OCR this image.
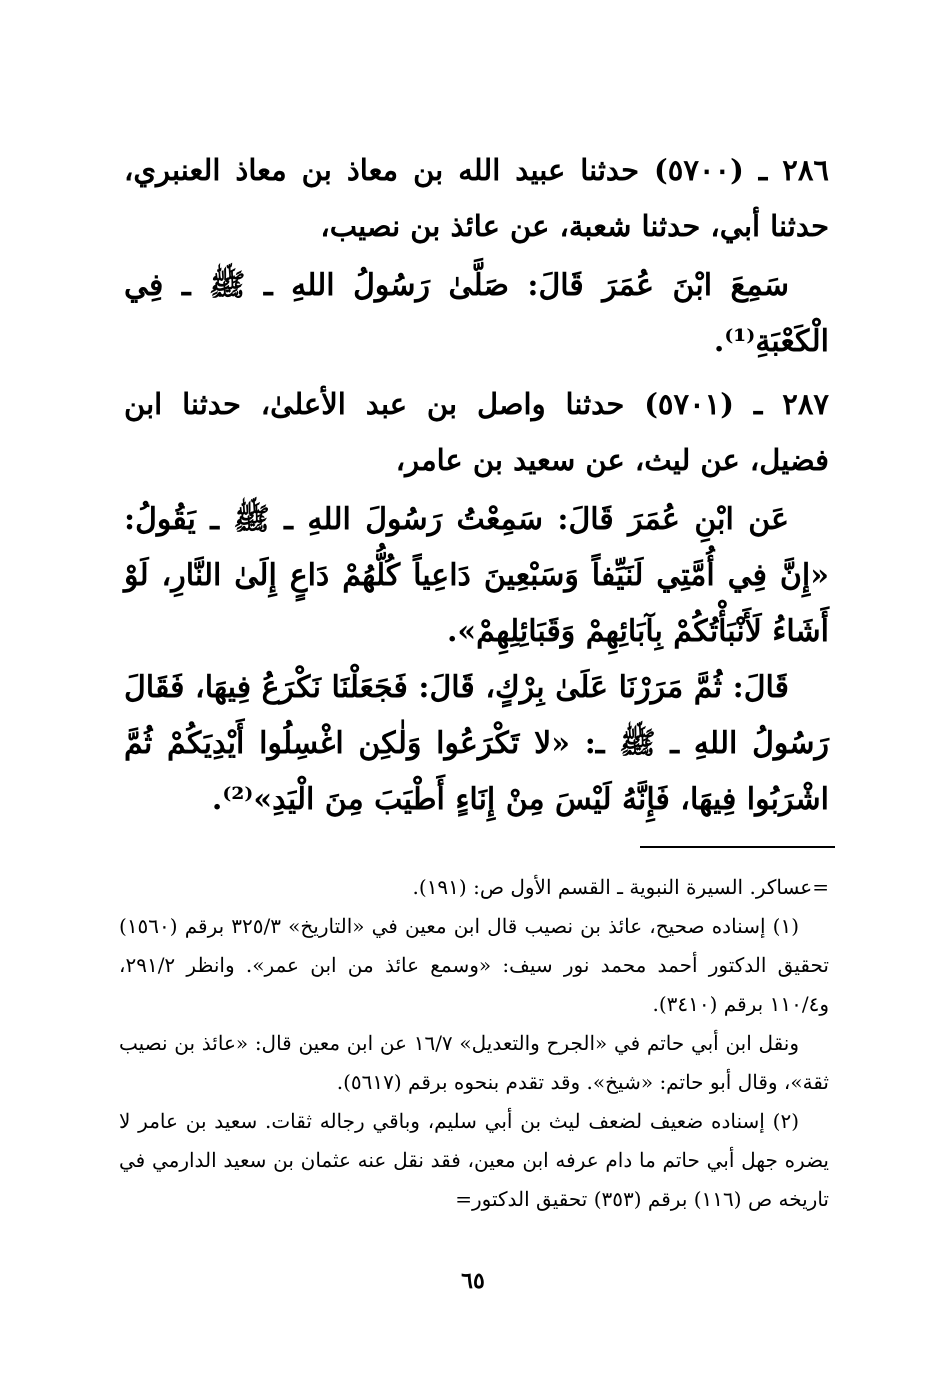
٢٨٦ ـ (٥٧٠٠) حدثنا عبيد الله بن معاذ بن معاذ العنبري، حدثنا أبي، حدثنا شعبة، عن عائذ بن نصيب،

سَمِعَ ابْنَ عُمَرَ قَالَ: صَلَّىٰ رَسُولُ اللهِ ـ ﷺ ـ فِي الْكَعْبَةِ⁽¹⁾.

٢٨٧ ـ (٥٧٠١) حدثنا واصل بن عبد الأعلىٰ، حدثنا ابن فضيل، عن ليث، عن سعيد بن عامر،

عَن ابْنِ عُمَرَ قَالَ: سَمِعْتُ رَسُولَ اللهِ ـ ﷺ ـ يَقُولُ: «إِنَّ فِي أُمَّتِي لَنَيِّفاً وَسَبْعِينَ دَاعِياً كُلُّهُمْ دَاعٍ إِلَىٰ النَّارِ، لَوْ أَشَاءُ لَأَنْبَأْتُكُمْ بِآبَائِهِمْ وَقَبَائِلِهِمْ».

قَالَ: ثُمَّ مَرَرْنَا عَلَىٰ بِرْكٍ، قَالَ: فَجَعَلْنَا نَكْرَعُ فِيهَا، فَقَالَ رَسُولُ اللهِ ـ ﷺ ـ: «لا تَكْرَعُوا وَلٰكِن اغْسِلُوا أَيْدِيَكُمْ ثُمَّ اشْرَبُوا فِيهَا، فَإِنَّهُ لَيْسَ مِنْ إِنَاءٍ أَطْيَبَ مِنَ الْيَدِ»⁽²⁾.

=عساكر. السيرة النبوية ـ القسم الأول ص: (١٩١).

(١) إسناده صحيح، عائذ بن نصيب قال ابن معين في «التاريخ» ٣٢٥/٣ برقم (١٥٦٠) تحقيق الدكتور أحمد محمد نور سيف: «وسمع عائذ من ابن عمر». وانظر ٢٩١/٢، و١١٠/٤ برقم (٣٤١٠).

ونقل ابن أبي حاتم في «الجرح والتعديل» ١٦/٧ عن ابن معين قال: «عائذ بن نصيب ثقة»، وقال أبو حاتم: «شيخ». وقد تقدم بنحوه برقم (٥٦١٧).

(٢) إسناده ضعيف لضعف ليث بن أبي سليم، وباقي رجاله ثقات. سعيد بن عامر لا يضره جهل أبي حاتم ما دام عرفه ابن معين، فقد نقل عنه عثمان بن سعيد الدارمي في تاريخه ص (١١٦) برقم (٣٥٣) تحقيق الدكتور=

٦٥
